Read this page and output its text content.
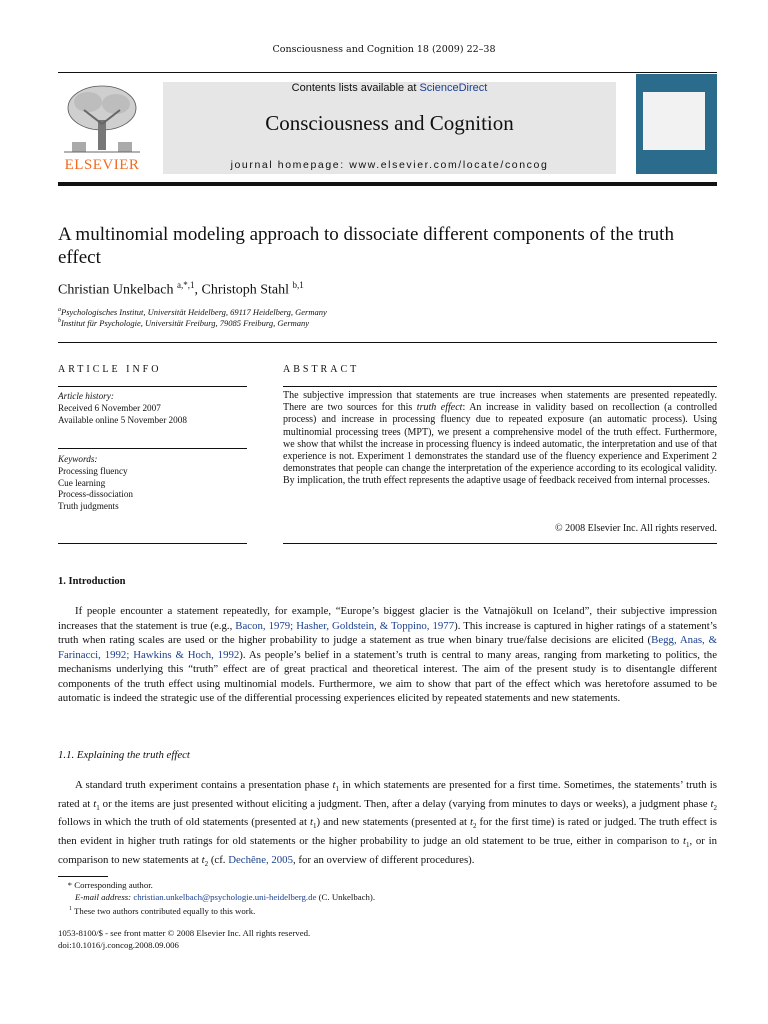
Consciousness and Cognition 18 (2009) 22–38
ELSEVIER
Contents lists available at ScienceDirect
Consciousness and Cognition
journal homepage: www.elsevier.com/locate/concog
A multinomial modeling approach to dissociate different components of the truth effect
Christian Unkelbach $^{a,*,1}$, Christoph Stahl $^{b,1}$
$^a$Psychologisches Institut, Universität Heidelberg, 69117 Heidelberg, Germany
$^b$Institut für Psychologie, Universität Freiburg, 79085 Freiburg, Germany
ARTICLE INFO
Article history:
Received 6 November 2007
Available online 5 November 2008
Keywords:
Processing fluency
Cue learning
Process-dissociation
Truth judgments
ABSTRACT
The subjective impression that statements are true increases when statements are presented repeatedly. There are two sources for this truth effect: An increase in validity based on recollection (a controlled process) and increase in processing fluency due to repeated exposure (an automatic process). Using multinomial processing trees (MPT), we present a comprehensive model of the truth effect. Furthermore, we show that whilst the increase in processing fluency is indeed automatic, the interpretation and use of that experience is not. Experiment 1 demonstrates the standard use of the fluency experience and Experiment 2 demonstrates that people can change the interpretation of the experience according to its ecological validity. By implication, the truth effect represents the adaptive usage of feedback received from internal processes.
© 2008 Elsevier Inc. All rights reserved.
1. Introduction
If people encounter a statement repeatedly, for example, “Europe’s biggest glacier is the Vatnajökull on Iceland”, their subjective impression increases that the statement is true (e.g., Bacon, 1979; Hasher, Goldstein, & Toppino, 1977). This increase is captured in higher ratings of a statement’s truth when rating scales are used or the higher probability to judge a statement as true when binary true/false decisions are elicited (Begg, Anas, & Farinacci, 1992; Hawkins & Hoch, 1992). As people’s belief in a statement’s truth is central to many areas, ranging from marketing to politics, the mechanisms underlying this “truth” effect are of great practical and theoretical interest. The aim of the present study is to disentangle different components of the truth effect using multinomial models. Furthermore, we aim to show that part of the effect which was heretofore assumed to be automatic is indeed the strategic use of the differential processing experiences elicited by repeated statements and new statements.
1.1. Explaining the truth effect
A standard truth experiment contains a presentation phase $t_1$ in which statements are presented for a first time. Sometimes, the statements’ truth is rated at $t_1$ or the items are just presented without eliciting a judgment. Then, after a delay (varying from minutes to days or weeks), a judgment phase $t_2$ follows in which the truth of old statements (presented at $t_1$) and new statements (presented at $t_2$ for the first time) is rated or judged. The truth effect is then evident in higher truth ratings for old statements or the higher probability to judge an old statement to be true, either in comparison to $t_1$, or in comparison to new statements at $t_2$ (cf. Dechêne, 2005, for an overview of different procedures).
* Corresponding author.
E-mail address: christian.unkelbach@psychologie.uni-heidelberg.de (C. Unkelbach).
$^1$ These two authors contributed equally to this work.
1053-8100/$ - see front matter © 2008 Elsevier Inc. All rights reserved.
doi:10.1016/j.concog.2008.09.006
